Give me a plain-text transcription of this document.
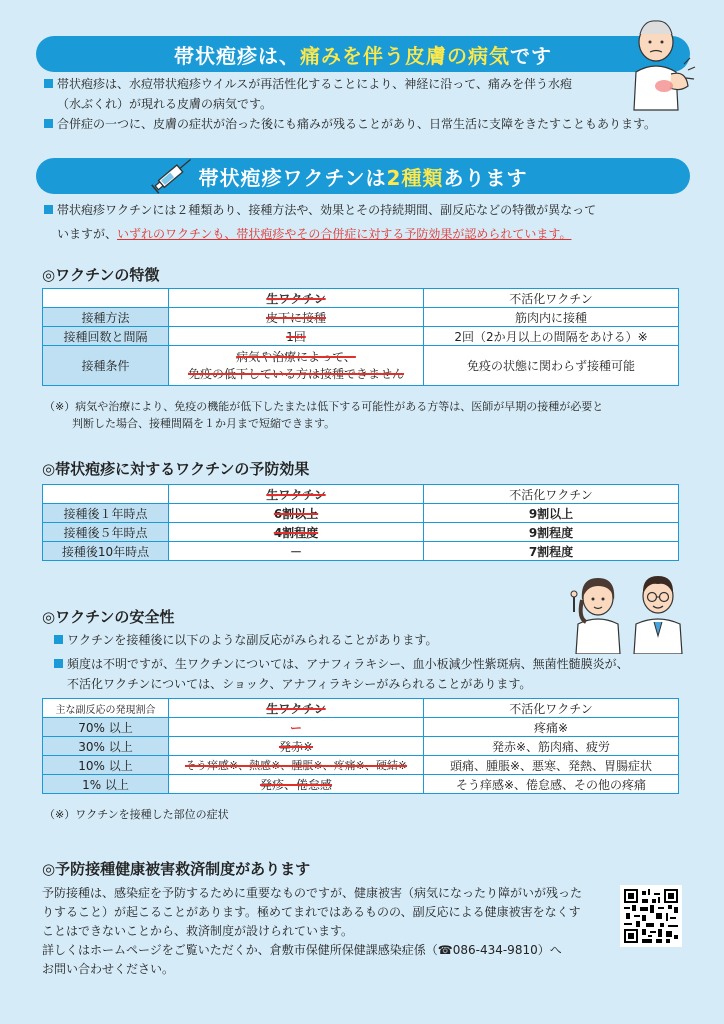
帯状疱疹は、 痛みを伴う皮膚の病気 です
帯状疱疹は、水痘帯状疱疹ウイルスが再活性化することにより、神経に沿って、痛みを伴う水疱
（水ぶくれ）が現れる皮膚の病気です。
合併症の一つに、皮膚の症状が治った後にも痛みが残ることがあり、日常生活に支障をきたすこともあります。
帯状疱疹ワクチンは 2種類 あります
帯状疱疹ワクチンには２種類あり、接種方法や、効果とその持続期間、副反応などの特徴が異なって
いますが、いずれのワクチンも、帯状疱疹やその合併症に対する予防効果が認められています。
◎ワクチンの特徴
	生ワクチン	不活化ワクチン
接種方法	皮下に接種	筋肉内に接種
接種回数と間隔	1回	2回（2か月以上の間隔をあける）※
接種条件	病気や治療によって、
免疫の低下している方は接種できません	免疫の状態に関わらず接種可能
（※）病気や治療により、免疫の機能が低下したまたは低下する可能性がある方等は、医師が早期の接種が必要と
判断した場合、接種間隔を１か月まで短縮できます。
◎帯状疱疹に対するワクチンの予防効果
	生ワクチン	不活化ワクチン
接種後１年時点	6割以上	9割以上
接種後５年時点	4割程度	9割程度
接種後10年時点	－	7割程度
◎ワクチンの安全性
ワクチンを接種後に以下のような副反応がみられることがあります。
頻度は不明ですが、生ワクチンについては、アナフィラキシー、血小板減少性紫斑病、無菌性髄膜炎が、
不活化ワクチンについては、ショック、アナフィラキシーがみられることがあります。
主な副反応の発現割合	生ワクチン	不活化ワクチン
70% 以上	ー	疼痛※
30% 以上	発赤※	発赤※、筋肉痛、疲労
10% 以上	そう痒感※、熱感※、腫脹※、疼痛※、硬結※	頭痛、腫脹※、悪寒、発熱、胃腸症状
1% 以上	発疹、倦怠感	そう痒感※、倦怠感、その他の疼痛
（※）ワクチンを接種した部位の症状
◎予防接種健康被害救済制度があります
予防接種は、感染症を予防するために重要なものですが、健康被害（病気になったり障がいが残った
りすること）が起こることがあります。極めてまれではあるものの、副反応による健康被害をなくす
ことはできないことから、救済制度が設けられています。
詳しくはホームページをご覧いただくか、倉敷市保健所保健課感染症係（☎086-434-9810）へ
お問い合わせください。
